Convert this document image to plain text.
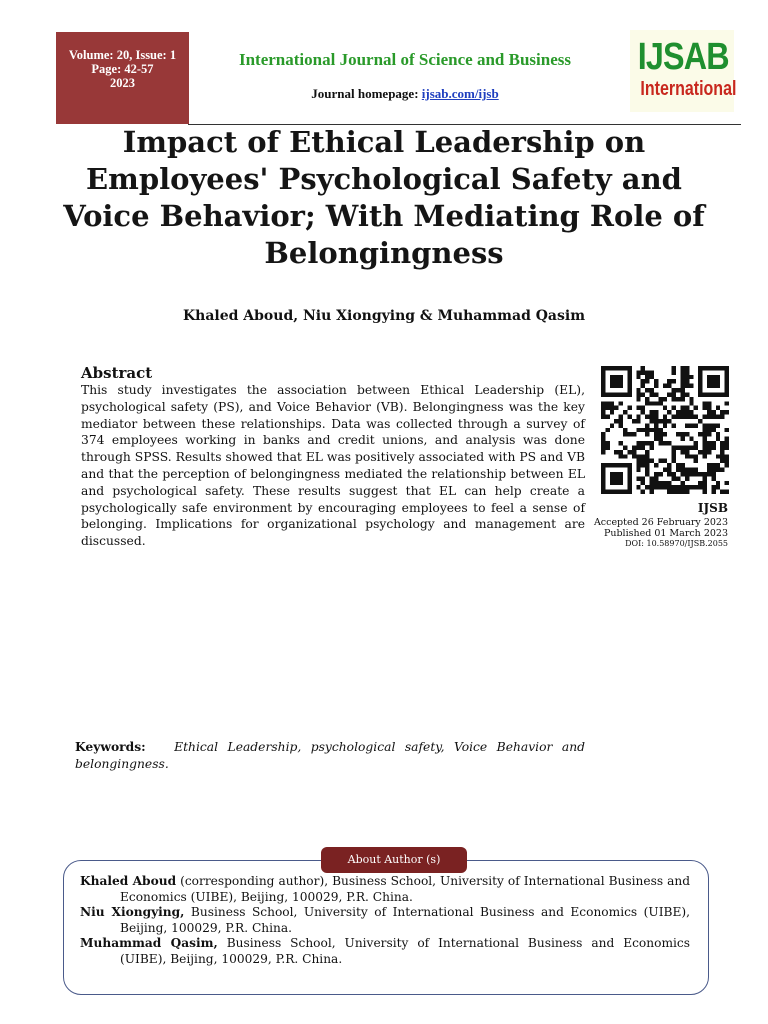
Volume: 20, Issue: 1
Page: 42-57
2023
International Journal of Science and Business
Journal homepage: ijsab.com/ijsb
IJSAB
International
Impact of Ethical Leadership on Employees' Psychological Safety and Voice Behavior; With Mediating Role of Belongingness
Khaled Aboud, Niu Xiongying & Muhammad Qasim
Abstract
This study investigates the association between Ethical Leadership (EL), psychological safety (PS), and Voice Behavior (VB). Belongingness was the key mediator between these relationships. Data was collected through a survey of 374 employees working in banks and credit unions, and analysis was done through SPSS. Results showed that EL was positively associated with PS and VB and that the perception of belongingness mediated the relationship between EL and psychological safety. These results suggest that EL can help create a psychologically safe environment by encouraging employees to feel a sense of belonging. Implications for organizational psychology and management are discussed.
IJSB
Accepted 26 February 2023
Published 01 March 2023
DOI: 10.58970/IJSB.2055
Keywords: Ethical Leadership, psychological safety, Voice Behavior and belongingness.
About Author (s)
Khaled Aboud (corresponding author), Business School, University of International Business and Economics (UIBE), Beijing, 100029, P.R. China.
Niu Xiongying, Business School, University of International Business and Economics (UIBE), Beijing, 100029, P.R. China.
Muhammad Qasim, Business School, University of International Business and Economics (UIBE), Beijing, 100029, P.R. China.
